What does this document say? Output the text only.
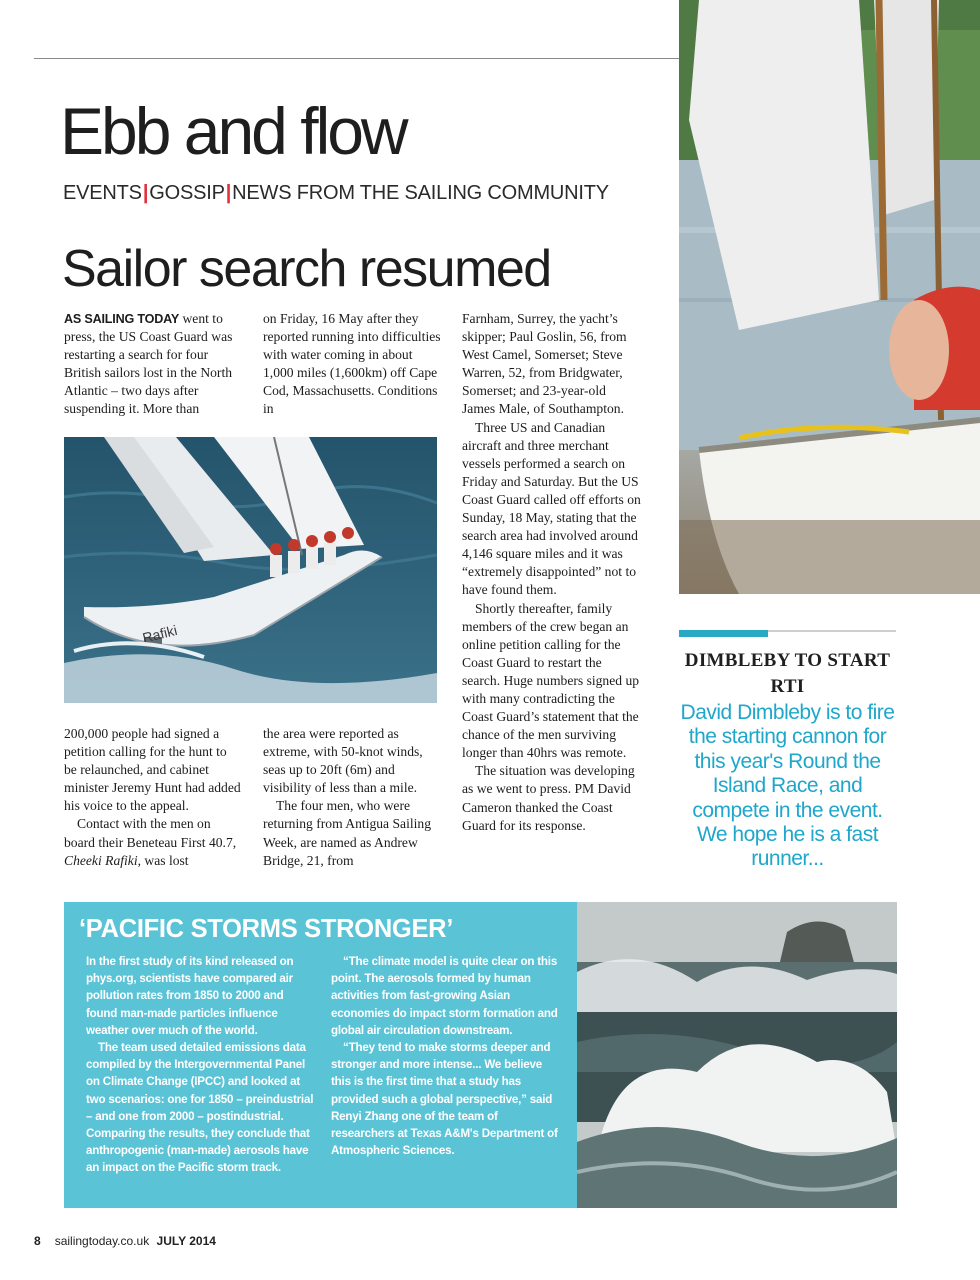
Ebb and flow
EVENTS|GOSSIP|NEWS FROM THE SAILING COMMUNITY
Sailor search resumed

AS SAILING TODAY went to press, the US Coast Guard was restarting a search for four British sailors lost in the North Atlantic – two days after suspending it. More than

on Friday, 16 May after they reported running into difficulties with water coming in about 1,000 miles (1,600km) off Cape Cod, Massachusetts. Conditions in

Rafiki

200,000 people had signed a petition calling for the hunt to be relaunched, and cabinet minister Jeremy Hunt had added his voice to the appeal.

Contact with the men on board their Beneteau First 40.7, Cheeki Rafiki, was lost

the area were reported as extreme, with 50-knot winds, seas up to 20ft (6m) and visibility of less than a mile.

The four men, who were returning from Antigua Sailing Week, are named as Andrew Bridge, 21, from

Farnham, Surrey, the yacht’s skipper; Paul Goslin, 56, from West Camel, Somerset; Steve Warren, 52, from Bridgwater, Somerset; and 23-year-old James Male, of Southampton.

Three US and Canadian aircraft and three merchant vessels performed a search on Friday and Saturday. But the US Coast Guard called off efforts on Sunday, 18 May, stating that the search area had involved around 4,146 square miles and it was “extremely disappointed” not to have found them.

Shortly thereafter, family members of the crew began an online petition calling for the Coast Guard to restart the search. Huge numbers signed up with many contradicting the Coast Guard’s statement that the chance of the men surviving longer than 40hrs was remote.

The situation was developing as we went to press. PM David Cameron thanked the Coast Guard for its response.

DIMBLEBY TO START RTI
David Dimbleby is to fire the starting cannon for this year's Round the Island Race, and compete in the event. We hope he is a fast runner...
‘PACIFIC STORMS STRONGER’

In the first study of its kind released on phys.org, scientists have compared air pollution rates from 1850 to 2000 and found man-made particles influence weather over much of the world.

The team used detailed emissions data compiled by the Intergovernmental Panel on Climate Change (IPCC) and looked at two scenarios: one for 1850 – preindustrial – and one from 2000 – postindustrial. Comparing the results, they conclude that anthropogenic (man-made) aerosols have an impact on the Pacific storm track.

“The climate model is quite clear on this point. The aerosols formed by human activities from fast-growing Asian economies do impact storm formation and global air circulation downstream.

“They tend to make storms deeper and stronger and more intense... We believe this is the first time that a study has provided such a global perspective,” said Renyi Zhang one of the team of researchers at Texas A&M's Department of Atmospheric Sciences.

8 sailingtoday.co.uk JULY 2014
